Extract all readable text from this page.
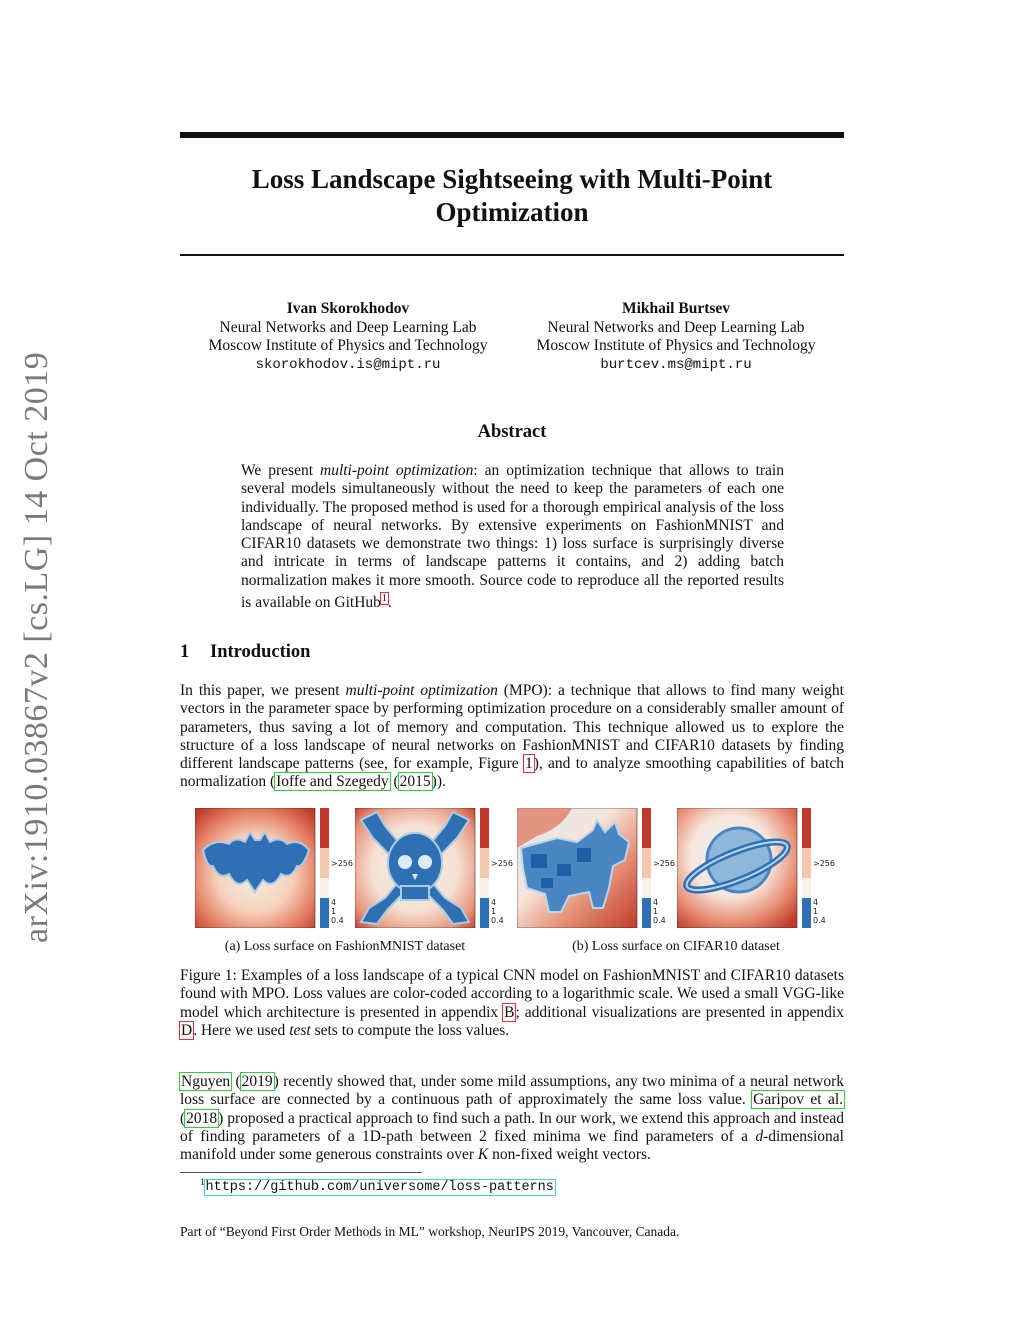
arXiv:1910.03867v2 [cs.LG] 14 Oct 2019
Loss Landscape Sightseeing with Multi-Point
Optimization
Ivan Skorokhodov
Neural Networks and Deep Learning Lab
Moscow Institute of Physics and Technology
skorokhodov.is@mipt.ru
Mikhail Burtsev
Neural Networks and Deep Learning Lab
Moscow Institute of Physics and Technology
burtcev.ms@mipt.ru
Abstract
We present multi-point optimization: an optimization technique that allows to train several models simultaneously without the need to keep the parameters of each one individually. The proposed method is used for a thorough empirical analysis of the loss landscape of neural networks. By extensive experiments on FashionMNIST and CIFAR10 datasets we demonstrate two things: 1) loss surface is surprisingly diverse and intricate in terms of landscape patterns it contains, and 2) adding batch normalization makes it more smooth. Source code to reproduce all the reported results is available on GitHub$^1$.
1 Introduction
In this paper, we present multi-point optimization (MPO): a technique that allows to find many weight vectors in the parameter space by performing optimization procedure on a considerably smaller amount of parameters, thus saving a lot of memory and computation. This technique allowed us to explore the structure of a loss landscape of neural networks on FashionMNIST and CIFAR10 datasets by finding different landscape patterns (see, for example, Figure 1), and to analyze smoothing capabilities of batch normalization (Ioffe and Szegedy (2015)).
>256
4
1
0.4
>256
4
1
0.4
>256
4
1
0.4
>256
4
1
0.4
(a) Loss surface on FashionMNIST dataset	(b) Loss surface on CIFAR10 dataset
Figure 1: Examples of a loss landscape of a typical CNN model on FashionMNIST and CIFAR10 datasets found with MPO. Loss values are color-coded according to a logarithmic scale. We used a small VGG-like model which architecture is presented in appendix B; additional visualizations are presented in appendix D. Here we used test sets to compute the loss values.
Nguyen (2019) recently showed that, under some mild assumptions, any two minima of a neural network loss surface are connected by a continuous path of approximately the same loss value. Garipov et al. (2018) proposed a practical approach to find such a path. In our work, we extend this approach and instead of finding parameters of a 1D-path between 2 fixed minima we find parameters of a d-dimensional manifold under some generous constraints over K non-fixed weight vectors.
$^1$https://github.com/universome/loss-patterns
Part of “Beyond First Order Methods in ML” workshop, NeurIPS 2019, Vancouver, Canada.
